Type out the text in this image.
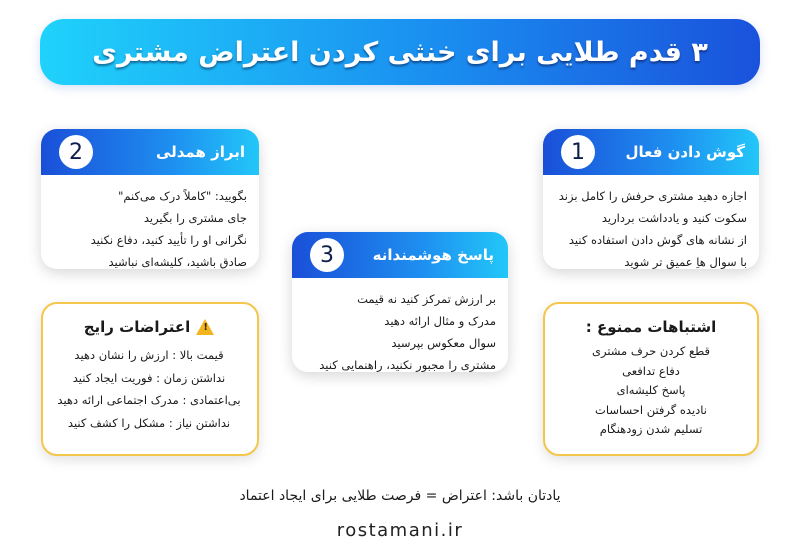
۳ قدم طلایی برای خنثی کردن اعتراض مشتری
گوش دادن فعال
1
اجازه دهید مشتری حرفش را کامل بزند
سکوت کنید و یادداشت بردارید
از نشانه های گوش دادن استفاده کنید
با سوال هاِ عمیق تر شوید
ابراز همدلی
2
بگویید: "کاملاً درک می‌کنم"
جای مشتری را بگیرید
نگرانی او را تأیید کنید، دفاع نکنید
صادق باشید، کلیشه‌ای نباشید	پاسخ هوشمندانه
3
بر ارزش تمرکز کنید نه قیمت
مدرک و مثال ارائه دهید
سوال معکوس بپرسید
مشتری را مجبور نکنید، راهنمایی کنید
!
اعتراضات رایج
قیمت بالا : ارزش را نشان دهید
نداشتن زمان : فوریت ایجاد کنید
بی‌اعتمادی : مدرک اجتماعی ارائه دهید
نداشتن نیاز : مشکل را کشف کنید
اشتباهات ممنوع :
قطع کردن حرف مشتری
دفاع تدافعی
پاسخ کلیشه‌ای
نادیده گرفتن احساسات
تسلیم شدن زودهنگام
یادتان باشد: اعتراض = فرصت طلایی برای ایجاد اعتماد
rostamani.ir
